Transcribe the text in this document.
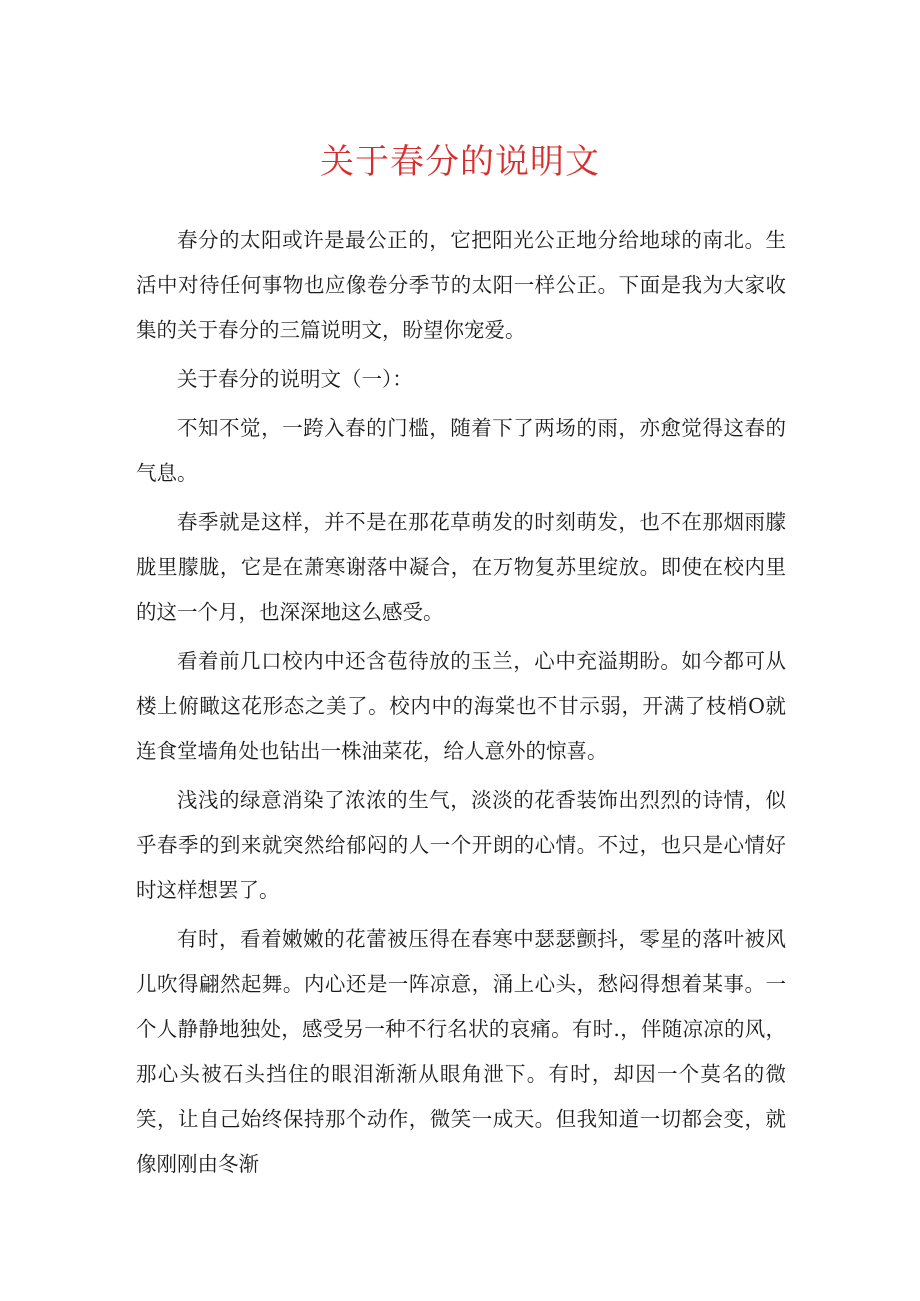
关于春分的说明文

春分的太阳或许是最公正的，它把阳光公正地分给地球的南北。生活中对待任何事物也应像卷分季节的太阳一样公正。下面是我为大家收集的关于春分的三篇说明文，盼望你宠爱。

关于春分的说明文（一）：

不知不觉，一跨入春的门槛，随着下了两场的雨，亦愈觉得这春的气息。

春季就是这样，并不是在那花草萌发的时刻萌发，也不在那烟雨朦胧里朦胧，它是在萧寒谢落中凝合，在万物复苏里绽放。即使在校内里的这一个月，也深深地这么感受。

看着前几口校内中还含苞待放的玉兰，心中充溢期盼。如今都可从楼上俯瞰这花形态之美了。校内中的海棠也不甘示弱，开满了枝梢O就连食堂墙角处也钻出一株油菜花，给人意外的惊喜。

浅浅的绿意消染了浓浓的生气，淡淡的花香装饰出烈烈的诗情，似乎春季的到来就突然给郁闷的人一个开朗的心情。不过，也只是心情好时这样想罢了。

有时，看着嫩嫩的花蕾被压得在春寒中瑟瑟颤抖，零星的落叶被风儿吹得翩然起舞。内心还是一阵凉意，涌上心头，愁闷得想着某事。一个人静静地独处，感受另一种不行名状的哀痛。有时.，伴随凉凉的风，那心头被石头挡住的眼泪渐渐从眼角泄下。有时，却因一个莫名的微笑，让自己始终保持那个动作，微笑一成天。但我知道一切都会变，就像刚刚由冬渐
